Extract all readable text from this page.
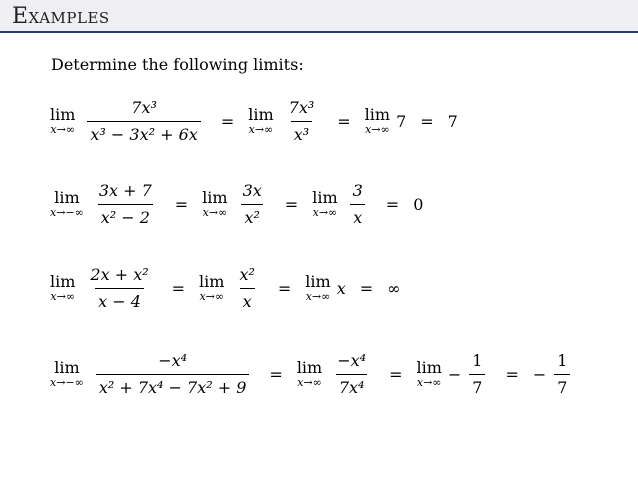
Examples
Determine the following limits:
lim
$x\to\infty \frac{\text{7x³}}{\text{x³ − 3x² + 6x}} = \lim$
$x\to\infty \frac{\text{7x³}}{\text{x³}} = \lim$
x→∞ 7 = 7
lim
$x\to-\infty \frac{3x + 7}{\text{x² − 2}} = \lim$
$x\to\infty \frac{3x}{\text{x²}} = \lim$
$x\to\infty \frac{3}{x} = 0$
lim
$x\to\infty \frac{\text{2x + x²}}{x - 4} = \lim$
$x\to\infty \frac{\text{x²}}{x} = \lim$
x→∞ x = ∞
lim
$x\to-\infty \frac{\text{−x⁴}}{\text{x² + 7x⁴ − 7x² + 9}} = \lim$
$x\to\infty \frac{\text{−x⁴}}{\text{7x⁴}} = \lim$
$x\to\infty - \frac{1}{7}$ = − $\frac{1}{7}$
